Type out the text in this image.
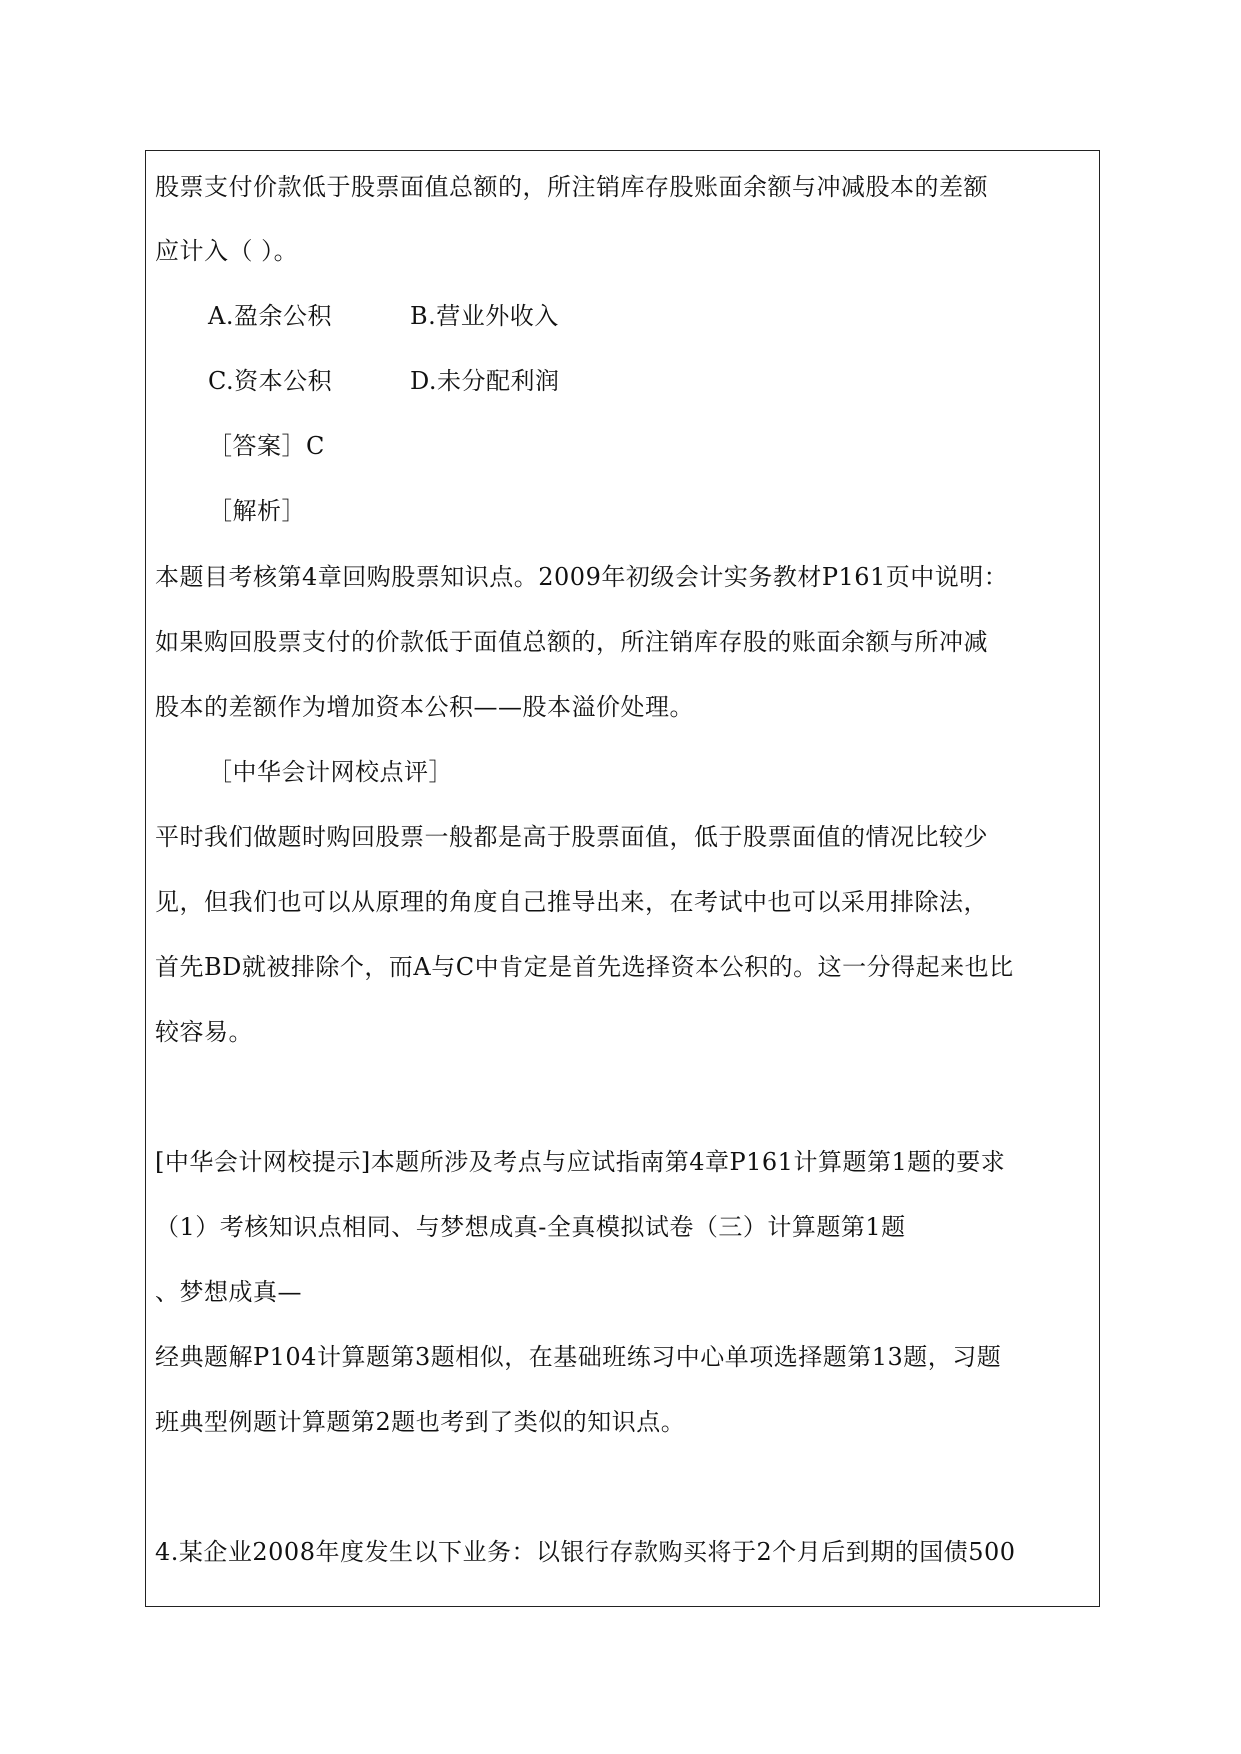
股票支付价款低于股票面值总额的，所注销库存股账面余额与冲减股本的差额
应计入（ ）。
A.盈余公积	B.营业外收入
C.资本公积	D.未分配利润
［答案］C
［解析］
本题目考核第4章回购股票知识点。2009年初级会计实务教材P161页中说明：
如果购回股票支付的价款低于面值总额的，所注销库存股的账面余额与所冲减
股本的差额作为增加资本公积——股本溢价处理。
［中华会计网校点评］
平时我们做题时购回股票一般都是高于股票面值，低于股票面值的情况比较少
见，但我们也可以从原理的角度自己推导出来，在考试中也可以采用排除法，
首先BD就被排除个，而A与C中肯定是首先选择资本公积的。这一分得起来也比
较容易。
[中华会计网校提示]本题所涉及考点与应试指南第4章P161计算题第1题的要求
（1）考核知识点相同、与梦想成真-全真模拟试卷（三）计算题第1题
、梦想成真—
经典题解P104计算题第3题相似，在基础班练习中心单项选择题第13题，习题
班典型例题计算题第2题也考到了类似的知识点。
4.某企业2008年度发生以下业务：以银行存款购买将于2个月后到期的国债500
